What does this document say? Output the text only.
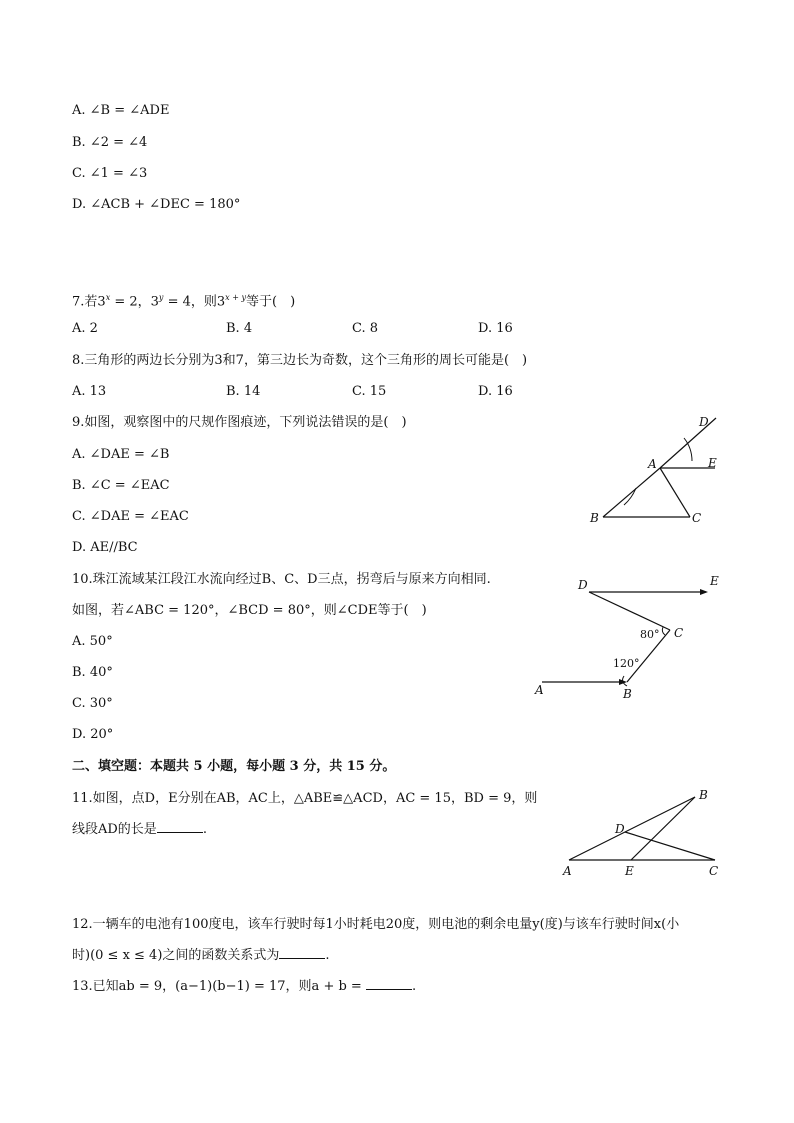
A. ∠B = ∠ADE
B. ∠2 = ∠4
C. ∠1 = ∠3
D. ∠ACB + ∠DEC = 180°
7.若$3^x = 2$，$3^y = 4$，则$3^{x + y}$等于(　)
A. 2	B. 4	C. 8	D. 16
8.三角形的两边长分别为3和7，第三边长为奇数，这个三角形的周长可能是(　)
A. 13	B. 14	C. 15	D. 16
9.如图，观察图中的尺规作图痕迹，下列说法错误的是(　)
A. ∠DAE = ∠B
B. ∠C = ∠EAC
C. ∠DAE = ∠EAC
D. AE//BC
D
A	E
B	C
10.珠江流域某江段江水流向经过B、C、D三点，拐弯后与原来方向相同.
如图，若∠ABC = 120°，∠BCD = 80°，则∠CDE等于(　)
A. 50°
B. 40°
C. 30°
D. 20°
D	E
C
80°
120°
A	B
二、填空题：本题共 5 小题，每小题 3 分，共 15 分。
11.如图，点D，E分别在AB，AC上，△ABE≌△ACD，AC = 15，BD = 9，则
线段AD的长是	.
B
D
A	E	C
12.一辆车的电池有100度电，该车行驶时每1小时耗电20度，则电池的剩余电量y(度)与该车行驶时间x(小
时)(0 ≤ x ≤ 4)之间的函数关系式为	.
13.已知ab = 9，(a−1)(b−1) = 17，则a + b =	.
